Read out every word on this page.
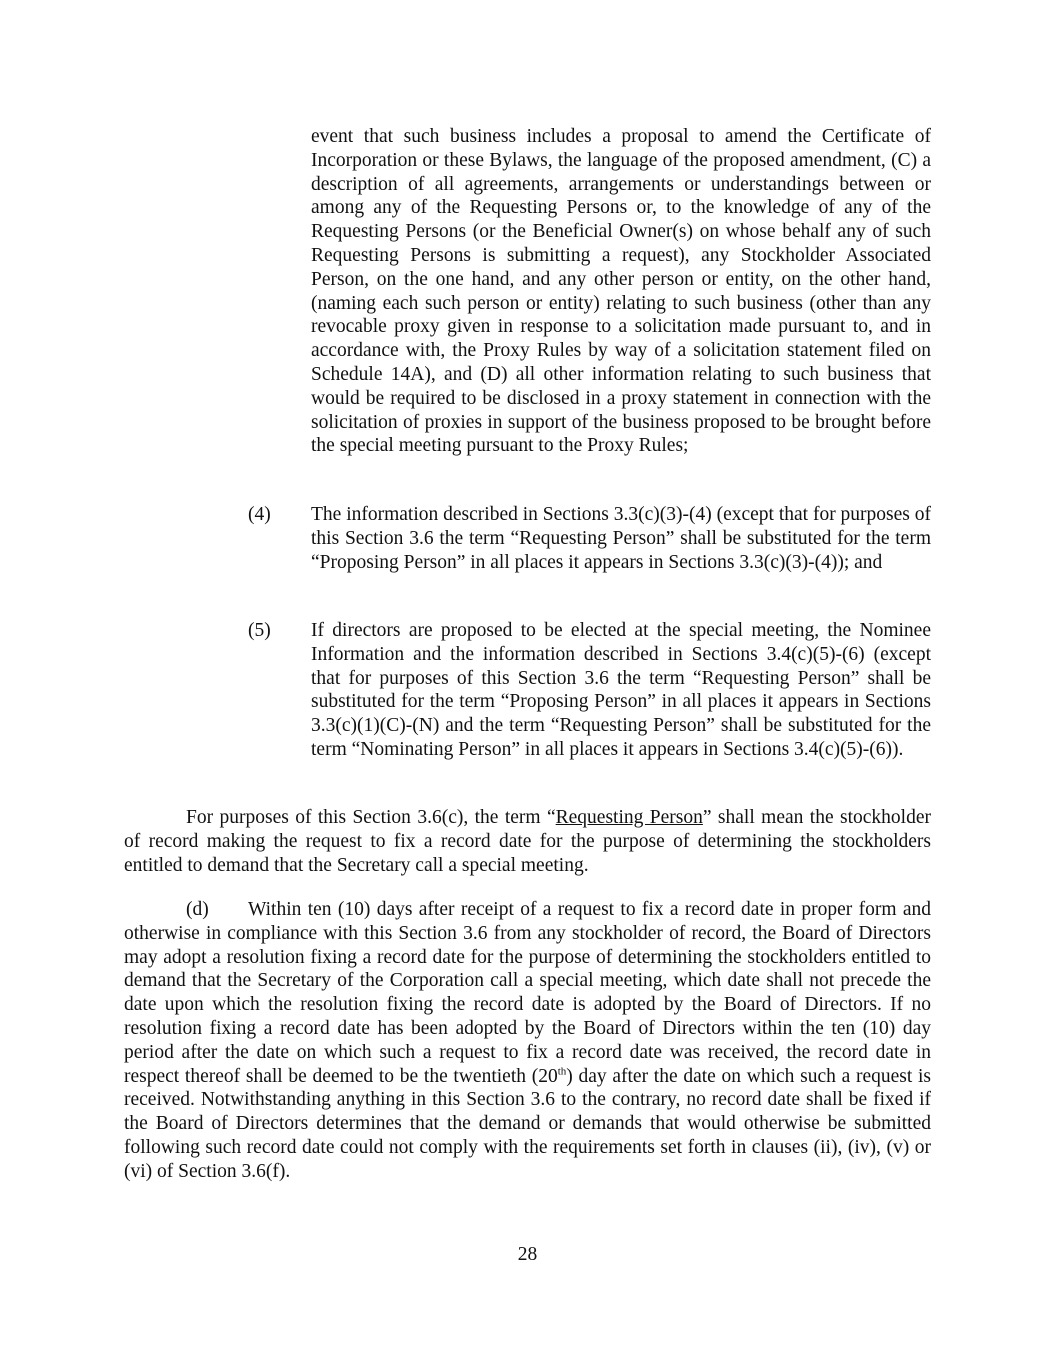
event that such business includes a proposal to amend the Certificate of Incorporation or these Bylaws, the language of the proposed amendment, (C) a description of all agreements, arrangements or understandings between or among any of the Requesting Persons or, to the knowledge of any of the Requesting Persons (or the Beneficial Owner(s) on whose behalf any of such Requesting Persons is submitting a request), any Stockholder Associated Person, on the one hand, and any other person or entity, on the other hand, (naming each such person or entity) relating to such business (other than any revocable proxy given in response to a solicitation made pursuant to, and in accordance with, the Proxy Rules by way of a solicitation statement filed on Schedule 14A), and (D) all other information relating to such business that would be required to be disclosed in a proxy statement in connection with the solicitation of proxies in support of the business proposed to be brought before the special meeting pursuant to the Proxy Rules;

(4)	The information described in Sections 3.3(c)(3)-(4) (except that for purposes of this Section 3.6 the term “Requesting Person” shall be substituted for the term “Proposing Person” in all places it appears in Sections 3.3(c)(3)-(4)); and
(5)	If directors are proposed to be elected at the special meeting, the Nominee Information and the information described in Sections 3.4(c)(5)-(6) (except that for purposes of this Section 3.6 the term “Requesting Person” shall be substituted for the term “Proposing Person” in all places it appears in Sections 3.3(c)(1)(C)-(N) and the term “Requesting Person” shall be substituted for the term “Nominating Person” in all places it appears in Sections 3.4(c)(5)-(6)).

For purposes of this Section 3.6(c), the term “Requesting Person” shall mean the stockholder of record making the request to fix a record date for the purpose of determining the stockholders entitled to demand that the Secretary call a special meeting.

(d) Within ten (10) days after receipt of a request to fix a record date in proper form and otherwise in compliance with this Section 3.6 from any stockholder of record, the Board of Directors may adopt a resolution fixing a record date for the purpose of determining the stockholders entitled to demand that the Secretary of the Corporation call a special meeting, which date shall not precede the date upon which the resolution fixing the record date is adopted by the Board of Directors. If no resolution fixing a record date has been adopted by the Board of Directors within the ten (10) day period after the date on which such a request to fix a record date was received, the record date in respect thereof shall be deemed to be the twentieth (20th) day after the date on which such a request is received. Notwithstanding anything in this Section 3.6 to the contrary, no record date shall be fixed if the Board of Directors determines that the demand or demands that would otherwise be submitted following such record date could not comply with the requirements set forth in clauses (ii), (iv), (v) or (vi) of Section 3.6(f).

28
